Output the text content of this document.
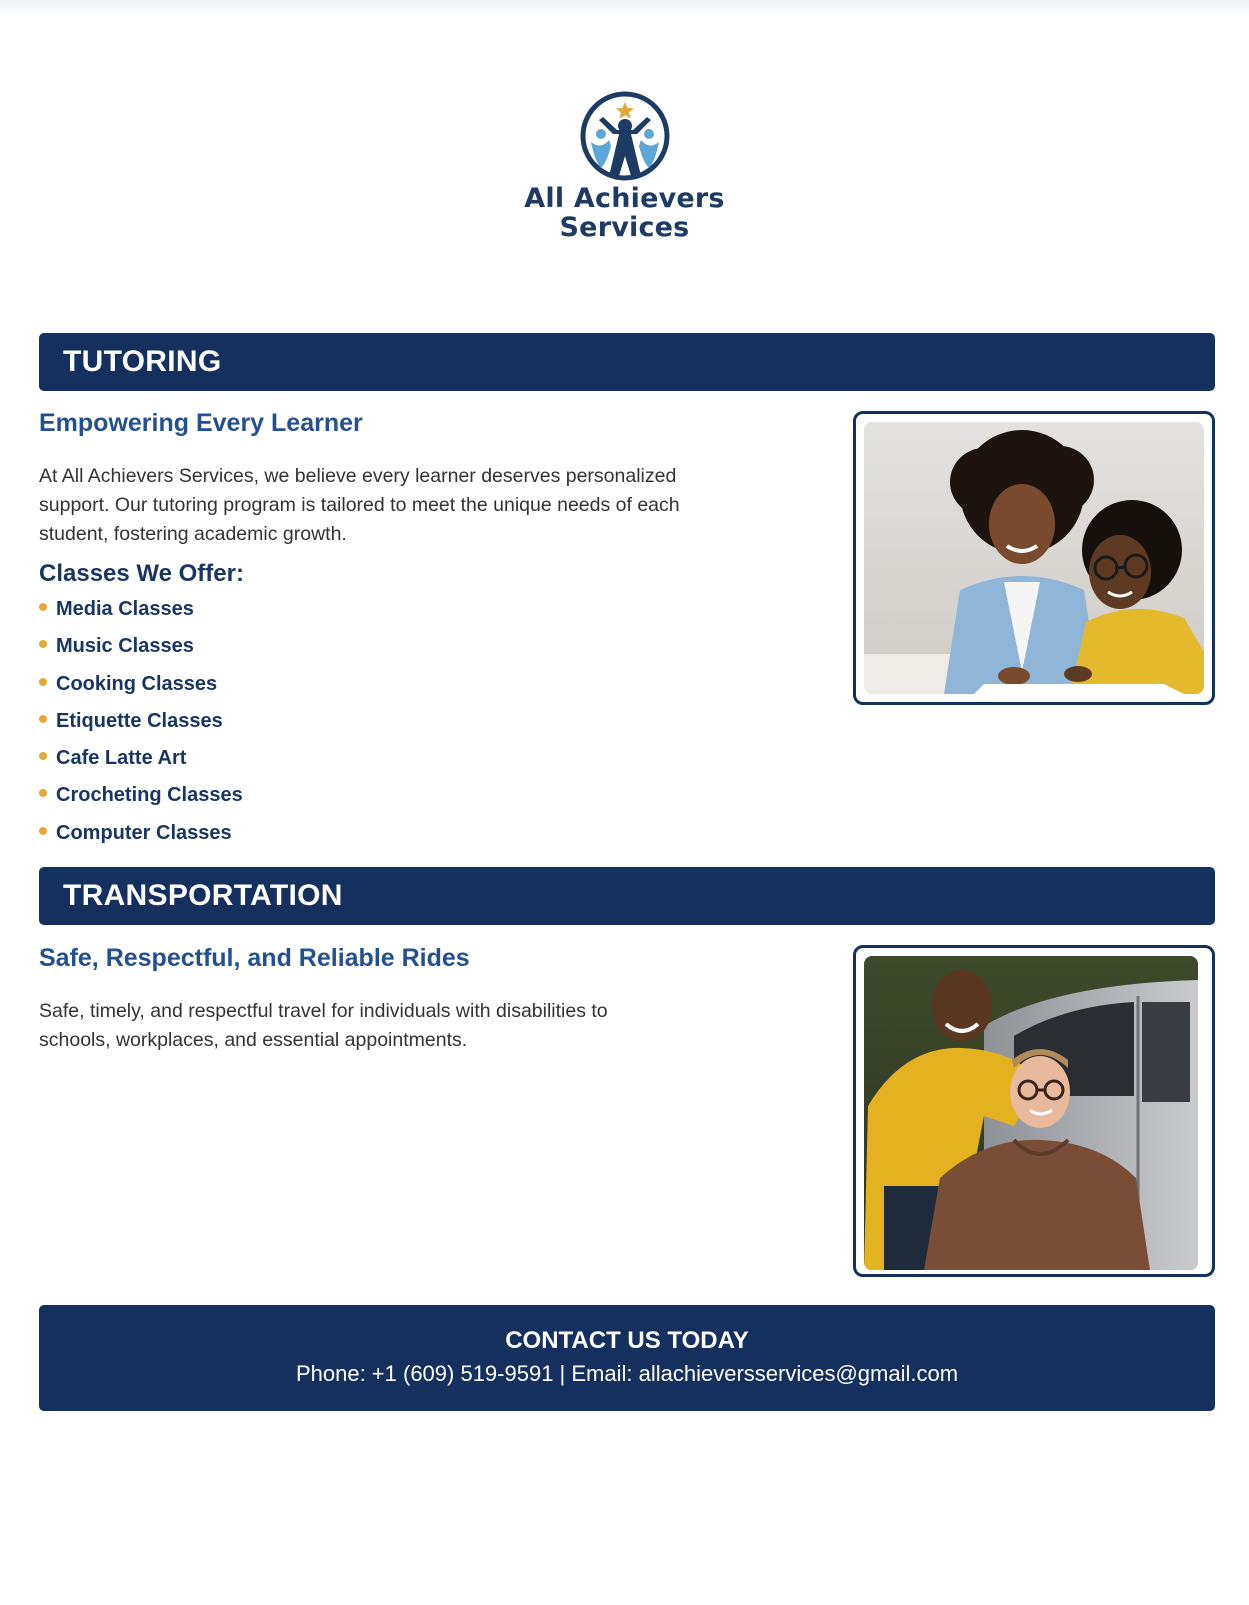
All Achievers
Services
TUTORING
Empowering Every Learner
At All Achievers Services, we believe every learner deserves personalized support. Our tutoring program is tailored to meet the unique needs of each student, fostering academic growth.
Classes We Offer:
Media Classes
Music Classes
Cooking Classes
Etiquette Classes
Cafe Latte Art
Crocheting Classes
Computer Classes
TRANSPORTATION
Safe, Respectful, and Reliable Rides
Safe, timely, and respectful travel for individuals with disabilities to schools, workplaces, and essential appointments.
CONTACT US TODAY
Phone: +1 (609) 519-9591 | Email: allachieversservices@gmail.com
